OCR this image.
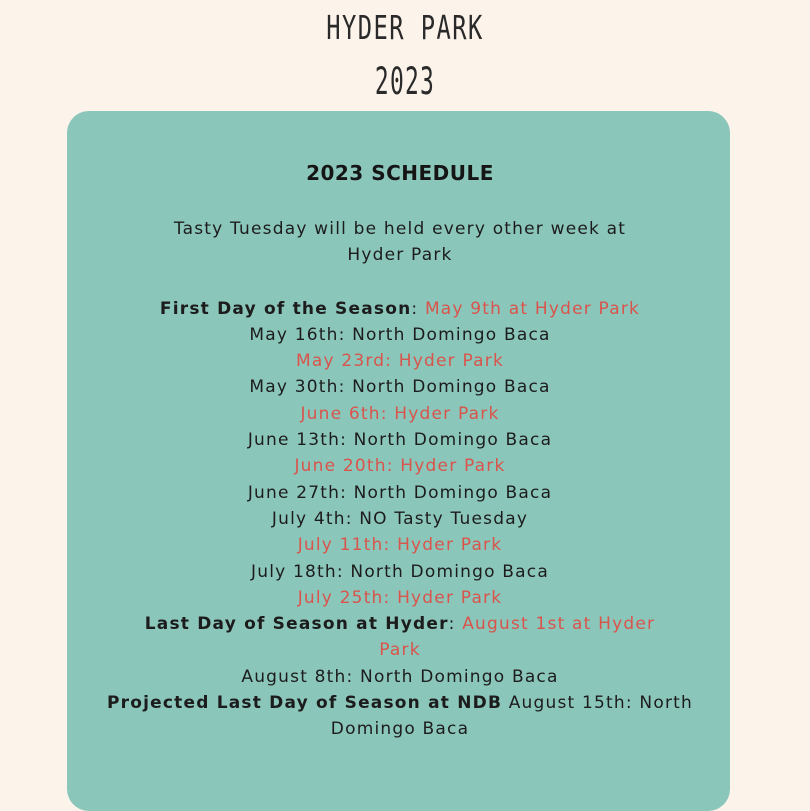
HYDER PARK
2023
2023 SCHEDULE
Tasty Tuesday will be held every other week at Hyder Park
First Day of the Season: May 9th at Hyder Park
May 16th: North Domingo Baca
May 23rd: Hyder Park
May 30th: North Domingo Baca
June 6th: Hyder Park
June 13th: North Domingo Baca
June 20th: Hyder Park
June 27th: North Domingo Baca
July 4th: NO Tasty Tuesday
July 11th: Hyder Park
July 18th: North Domingo Baca
July 25th: Hyder Park
Last Day of Season at Hyder: August 1st at Hyder Park
August 8th: North Domingo Baca
Projected Last Day of Season at NDB August 15th: North Domingo Baca
